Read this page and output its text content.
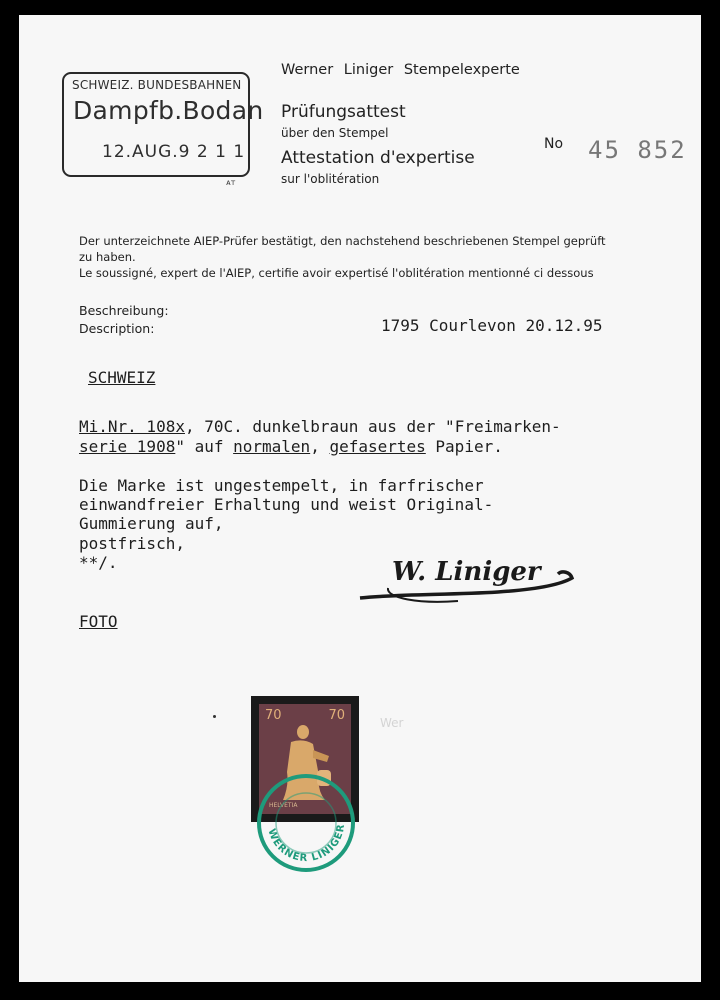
SCHWEIZ. BUNDESBAHNEN
Dampfb.Bodan
12.AUG.9 2 1 1
ᴀᴛ
Werner Liniger Stempelexperte
Prüfungsattest
über den Stempel
Attestation d'expertise
sur l'oblitération
No 45 852
Der unterzeichnete AIEP-Prüfer bestätigt, den nachstehend beschriebenen Stempel geprüft
zu haben.
Le soussigné, expert de l'AIEP, certifie avoir expertisé l'oblitération mentionné ci dessous
Beschreibung:
Description:	1795 Courlevon 20.12.95
SCHWEIZ
Mi.Nr. 108x, 70C. dunkelbraun aus der "Freimarken-
serie 1908" auf normalen, gefasertes Papier.
Die Marke ist ungestempelt, in farfrischer
einwandfreier Erhaltung und weist Original-
Gummierung auf,
postfrisch,
**/.
FOTO
W. Liniger
Wer
70	70
HELVETIA
WERNER LINIGER
